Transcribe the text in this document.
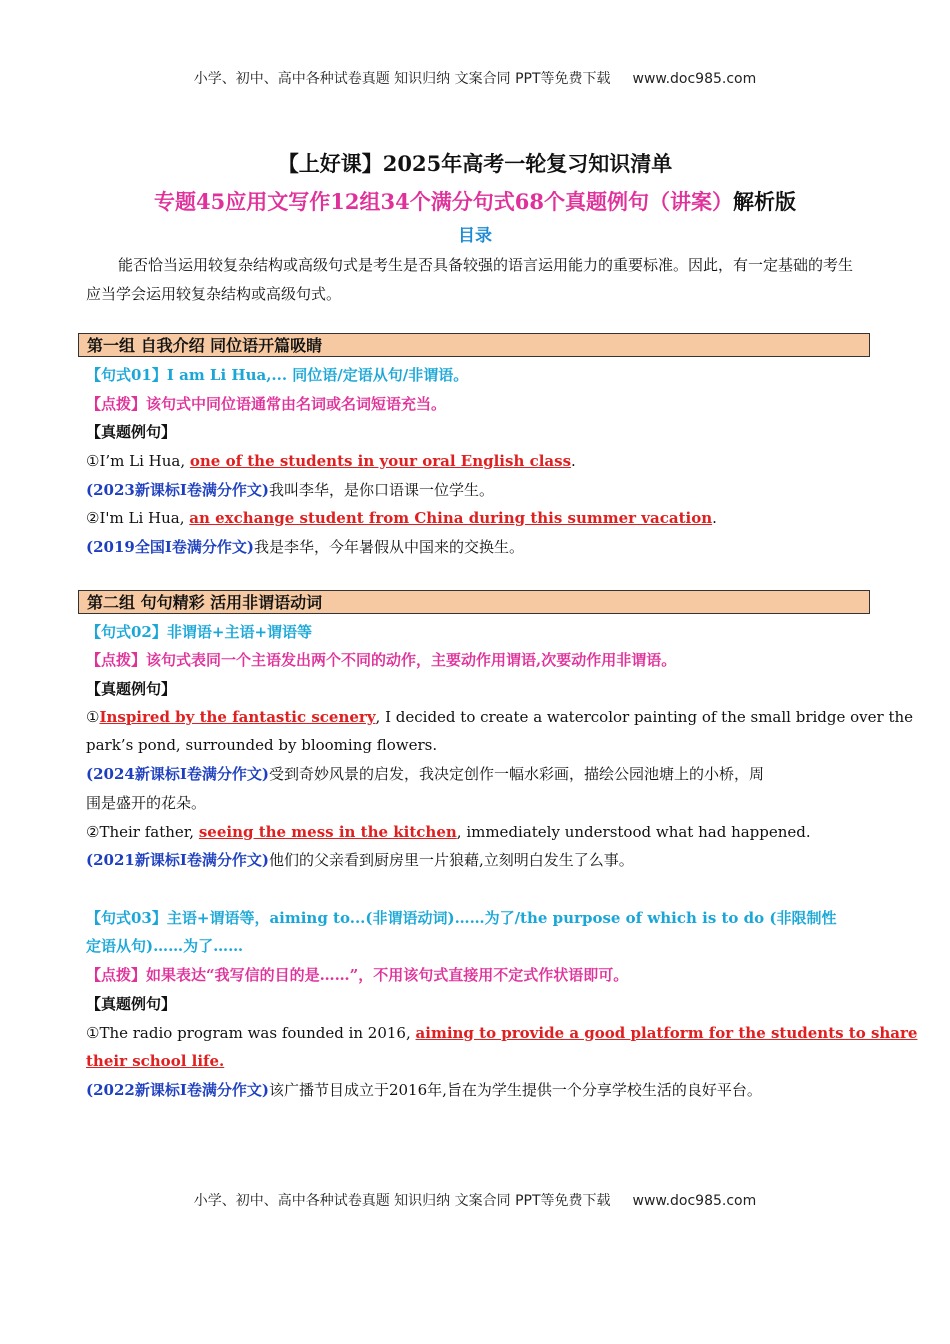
小学、初中、高中各种试卷真题 知识归纳 文案合同 PPT等免费下载 www.doc985.com
【上好课】2025年高考一轮复习知识清单
专题45应用文写作12组34个满分句式68个真题例句（讲案）解析版
目录
能否恰当运用较复杂结构或高级句式是考生是否具备较强的语言运用能力的重要标准。因此，有一定基础的考生应当学会运用较复杂结构或高级句式。
第一组 自我介绍 同位语开篇吸睛
【句式01】I am Li Hua,... 同位语/定语从句/非谓语。
【点拨】该句式中同位语通常由名词或名词短语充当。
【真题例句】
①I’m Li Hua, one of the students in your oral English class.
(2023新课标I卷满分作文)我叫李华，是你口语课一位学生。
②I'm Li Hua, an exchange student from China during this summer vacation.
(2019全国I卷满分作文)我是李华，今年暑假从中国来的交换生。
第二组 句句精彩 活用非谓语动词
【句式02】非谓语+主语+谓语等
【点拨】该句式表同一个主语发出两个不同的动作，主要动作用谓语,次要动作用非谓语。
【真题例句】
①Inspired by the fantastic scenery, I decided to create a watercolor painting of the small bridge over the
park’s pond, surrounded by blooming flowers.
(2024新课标I卷满分作文)受到奇妙风景的启发，我决定创作一幅水彩画，描绘公园池塘上的小桥，周
围是盛开的花朵。
②Their father, seeing the mess in the kitchen, immediately understood what had happened.
(2021新课标I卷满分作文)他们的父亲看到厨房里一片狼藉,立刻明白发生了么事。
【句式03】主语+谓语等，aiming to...(非谓语动词)……为了/the purpose of which is to do (非限制性
定语从句)……为了……
【点拨】如果表达“我写信的目的是……”，不用该句式直接用不定式作状语即可。
【真题例句】
①The radio program was founded in 2016, aiming to provide a good platform for the students to share
their school life.
(2022新课标I卷满分作文)该广播节目成立于2016年,旨在为学生提供一个分享学校生活的良好平台。
小学、初中、高中各种试卷真题 知识归纳 文案合同 PPT等免费下载 www.doc985.com
